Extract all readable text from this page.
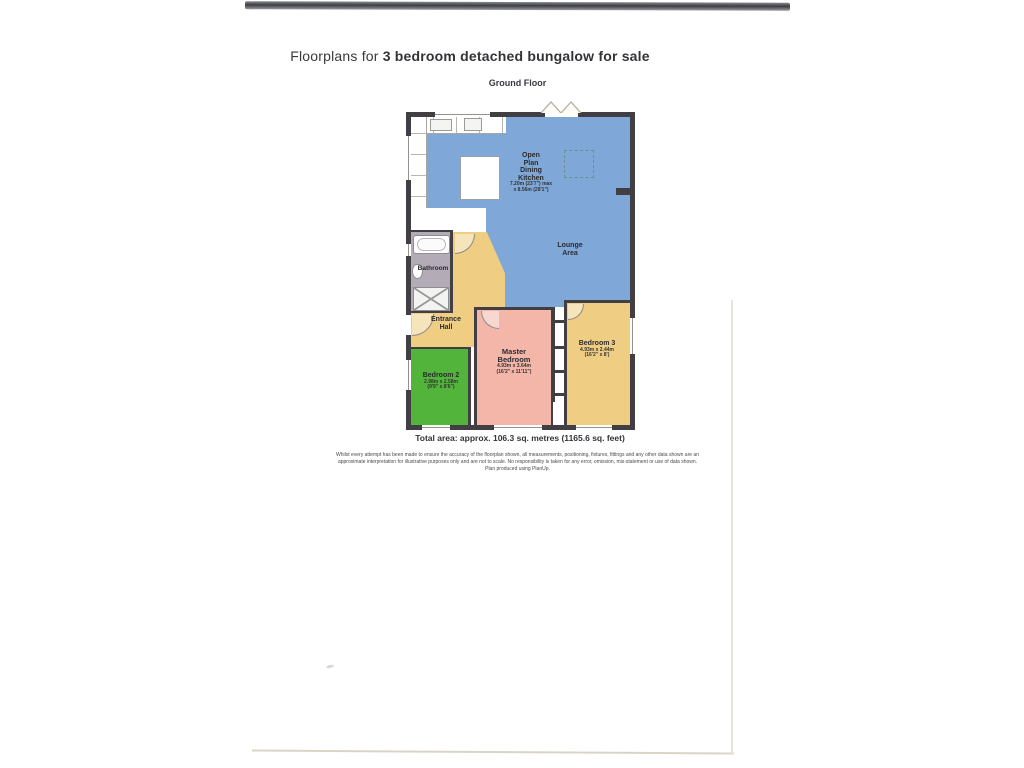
Floorplans for 3 bedroom detached bungalow for sale
Ground Floor
Open
Plan
Dining
Kitchen
7.20m (23'7") max
x 8.56m (28'1")
Lounge
Area
Bathroom
Entrance
Hall
Bedroom 2
2.98m x 2.58m
(9'9" x 8'6")
Master
Bedroom
4.93m x 3.64m
(16'2" x 11'11")
Bedroom 3
4.93m x 2.44m
(16'2" x 8')
Total area: approx. 106.3 sq. metres (1165.6 sq. feet)
Whilst every attempt has been made to ensure the accuracy of the floorplan shown, all measurements, positioning, fixtures, fittings and any other data shown are an
approximate interpretation for illustrative purposes only and are not to scale. No responsibility is taken for any error, omission, mis-statement or use of data shown.
Plan produced using PlanUp.
